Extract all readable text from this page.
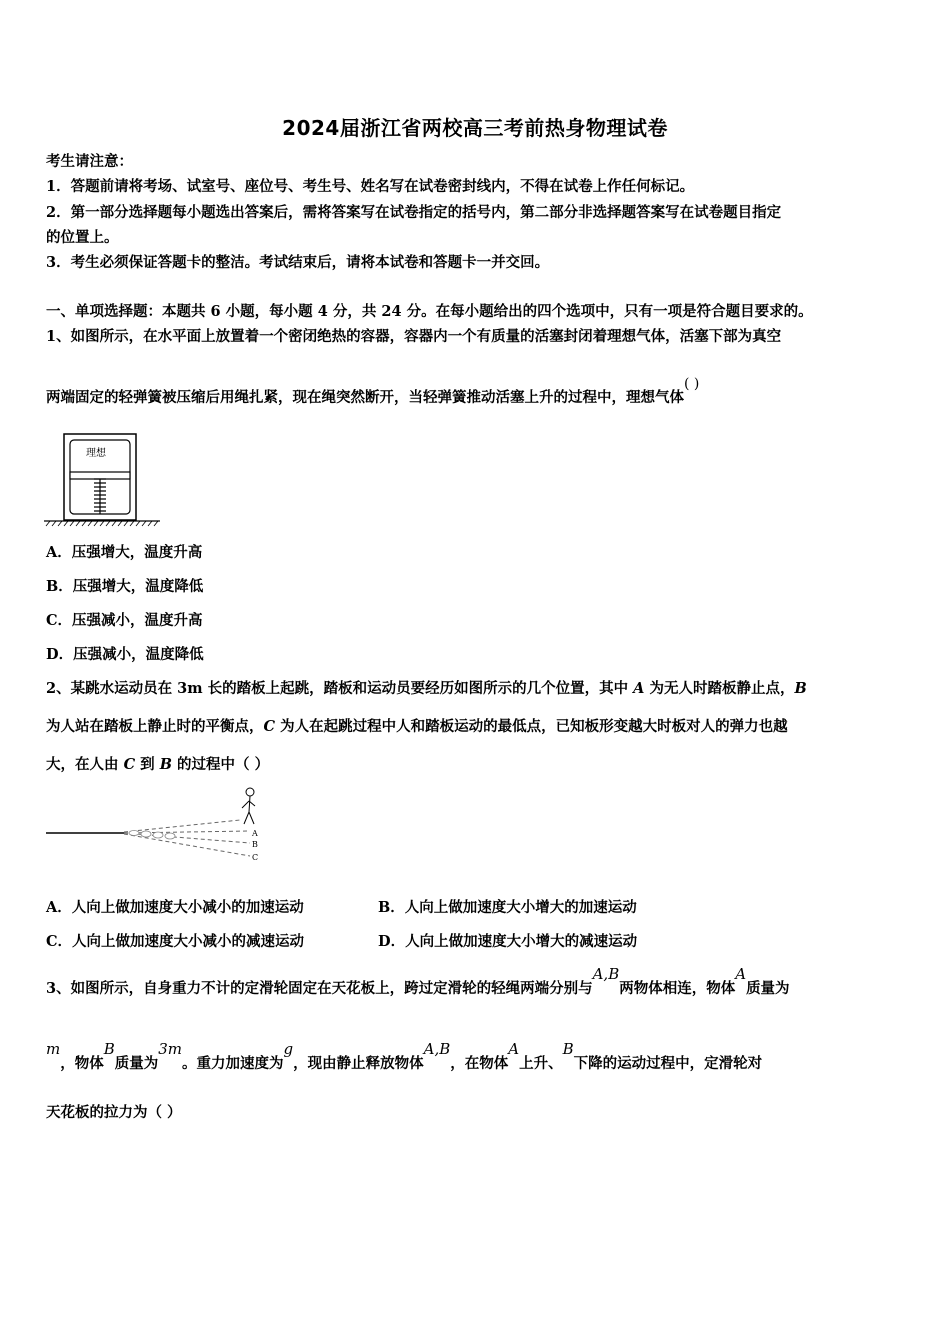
2024届浙江省两校高三考前热身物理试卷
考生请注意：
1．答题前请将考场、试室号、座位号、考生号、姓名写在试卷密封线内，不得在试卷上作任何标记。
2．第一部分选择题每小题选出答案后，需将答案写在试卷指定的括号内，第二部分非选择题答案写在试卷题目指定
的位置上。
3．考生必须保证答题卡的整洁。考试结束后，请将本试卷和答题卡一并交回。
一、单项选择题：本题共 6 小题，每小题 4 分，共 24 分。在每小题给出的四个选项中，只有一项是符合题目要求的。
1、如图所示，在水平面上放置着一个密闭绝热的容器，容器内一个有质量的活塞封闭着理想气体，活塞下部为真空
两端固定的轻弹簧被压缩后用绳扎紧，现在绳突然断开，当轻弹簧推动活塞上升的过程中，理想气体( )
理想
A．压强增大，温度升高
B．压强增大，温度降低
C．压强减小，温度升高
D．压强减小，温度降低
2、某跳水运动员在 3m 长的踏板上起跳，踏板和运动员要经历如图所示的几个位置，其中 A 为无人时踏板静止点，B
为人站在踏板上静止时的平衡点，C 为人在起跳过程中人和踏板运动的最低点，已知板形变越大时板对人的弹力也越
大，在人由 C 到 B 的过程中（ ）
A
B
C
A．人向上做加速度大小减小的加速运动	B．人向上做加速度大小增大的加速运动
C．人向上做加速度大小减小的减速运动	D．人向上做加速度大小增大的减速运动
3、如图所示，自身重力不计的定滑轮固定在天花板上，跨过定滑轮的轻绳两端分别与A,B两物体相连，物体A质量为
m，物体B质量为3m。重力加速度为g，现由静止释放物体A,B，在物体A上升、B下降的运动过程中，定滑轮对
天花板的拉力为（ ）
